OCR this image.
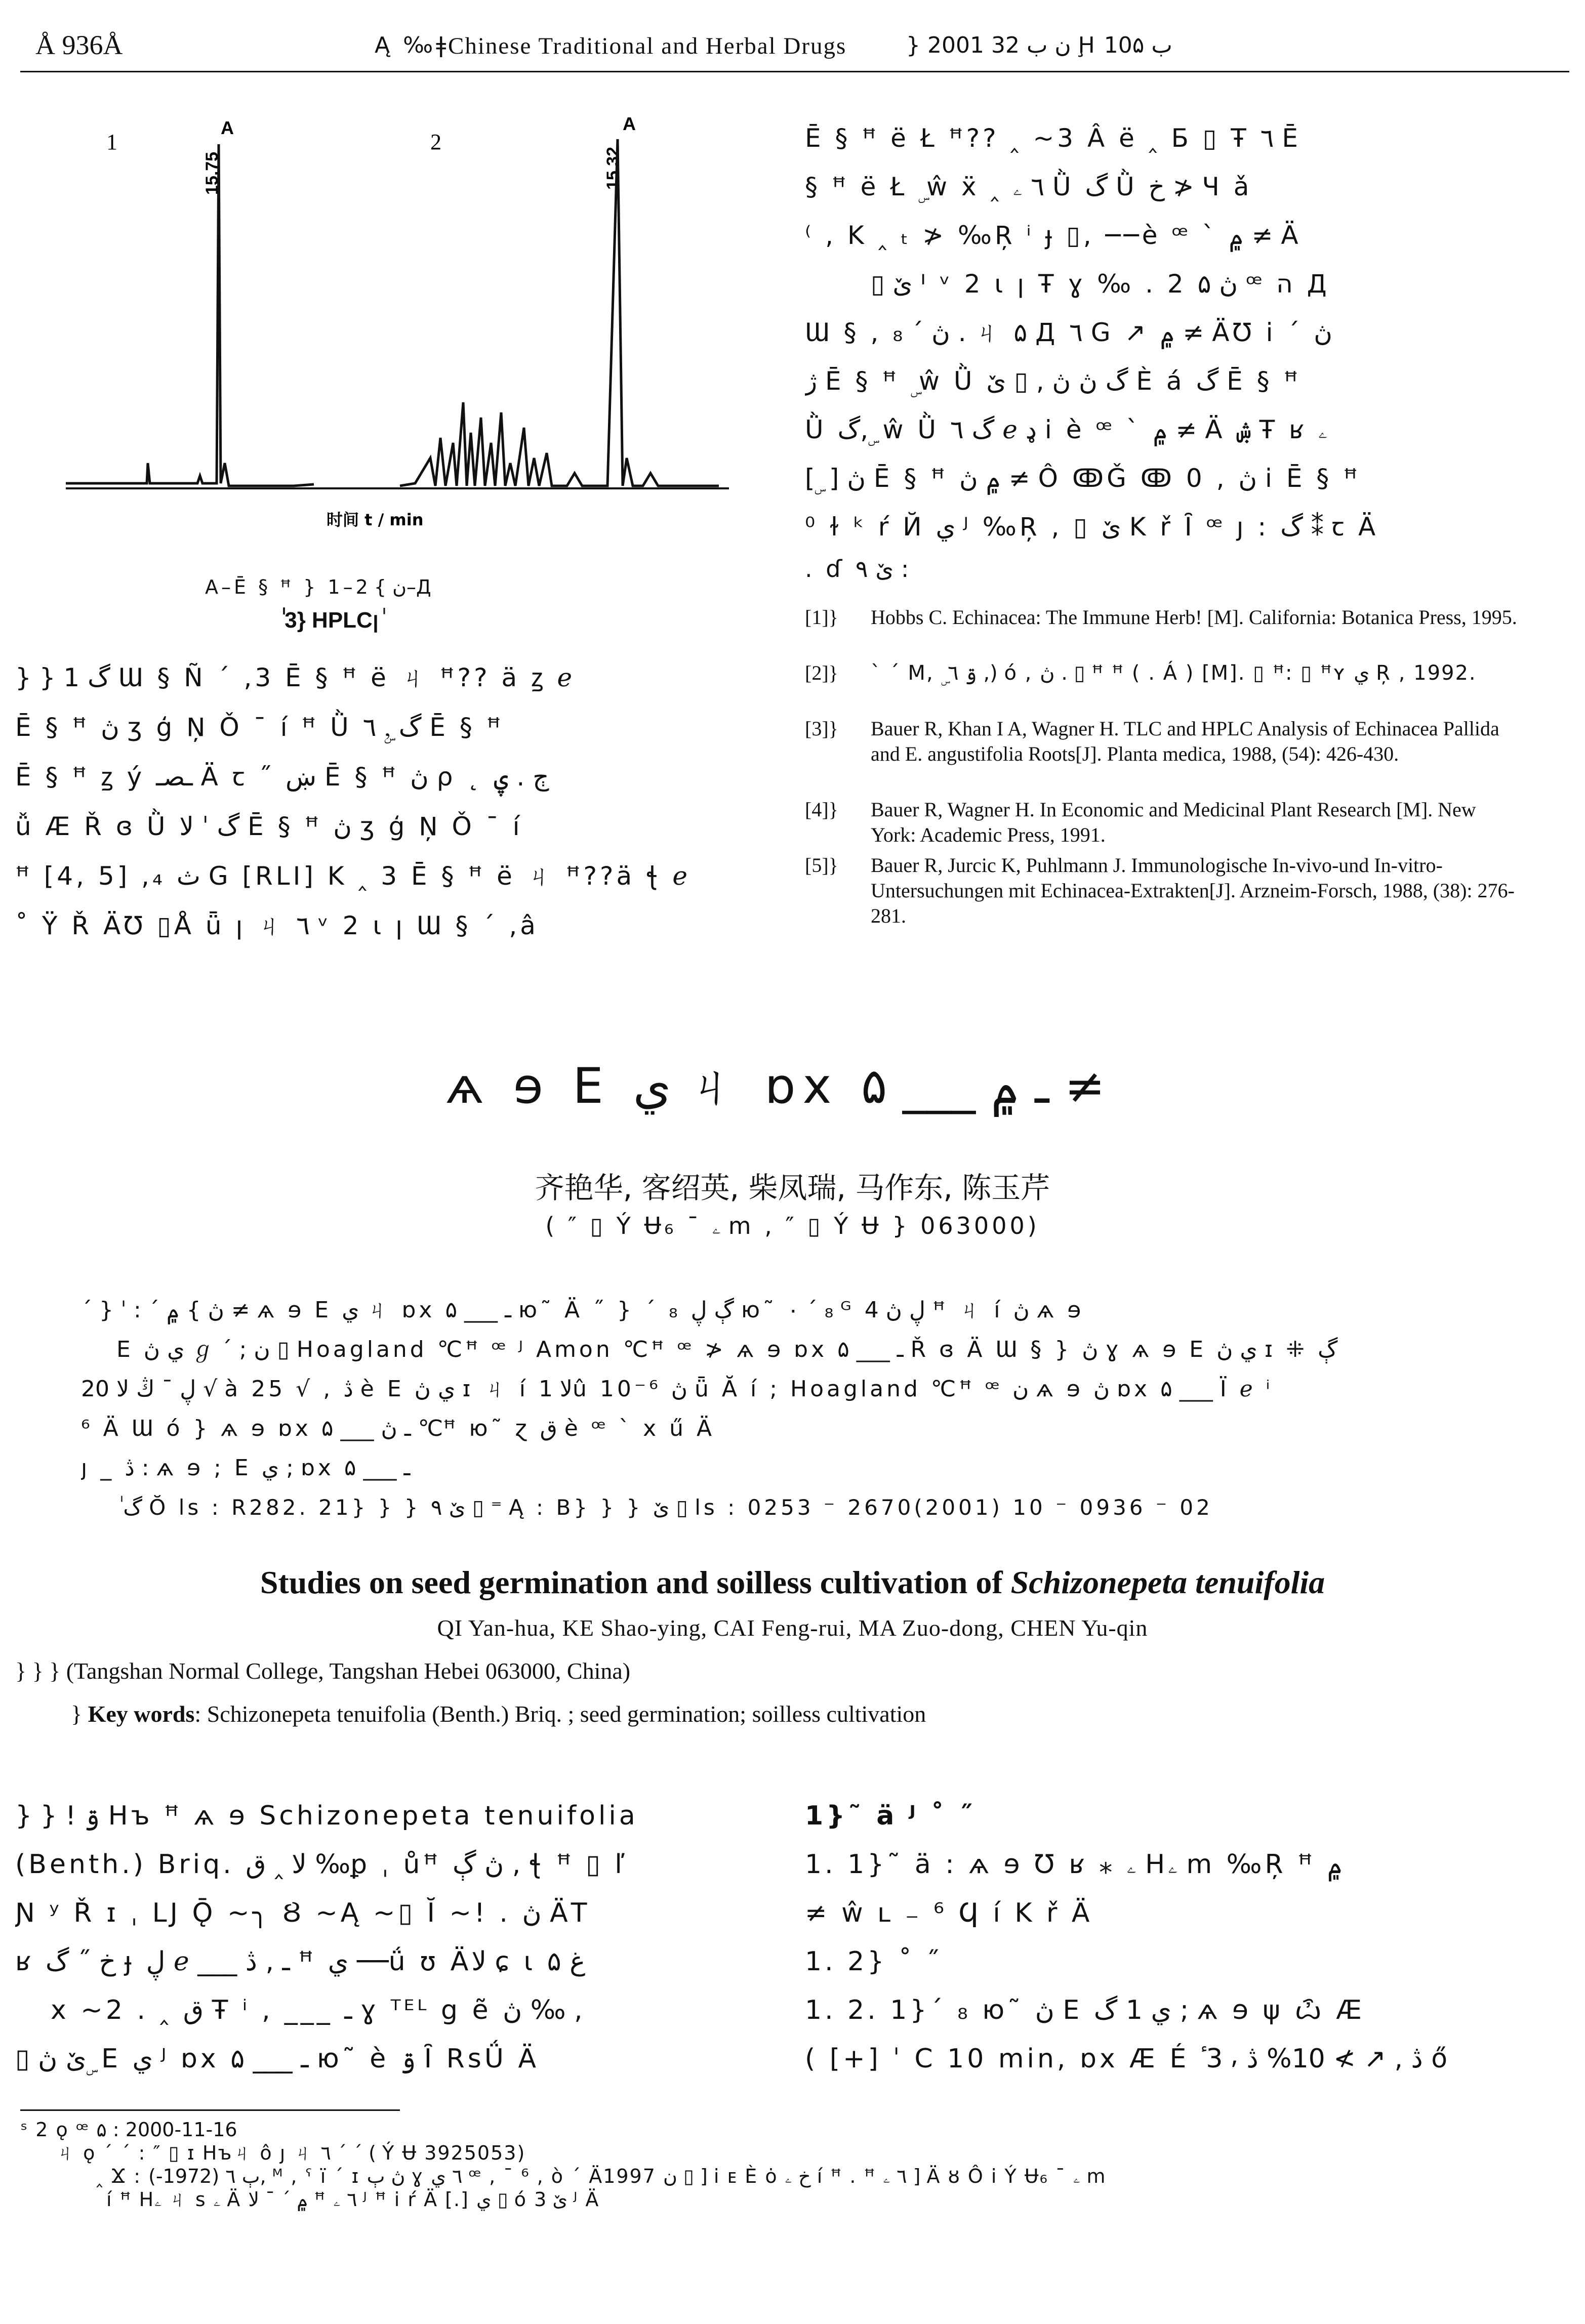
Å 936Å	Ą ‰ǂ
Chinese Traditional and Herbal Drugs	} 2001 ن ب 32 Ḩ ب 10۵
1	2
A	A
15.75	15.32
时间 t / min
A–Ē § ꟸ } 1–ن } 2–Д
ٰ 3} HPLCꞁ ٰ
} } 1 گ Ɯ § Ñ ˊ ,3 Ē § ꟸ ë ㄐ ꟸ?? ä ꙁ ℯ
Ē § ꟸ ڽ ʒ ģ Ņ Ǒ ˉ í ꟸ Ǜ گ ,ۣ ٦ Ē § ꟸ
Ē § ꟸ ꙁ ý ـصـ Ä ꞇ ˝ ښ Ē § ꟸ ڽ ρ ˛ ڄ . ۑ
ǚ Æ Ř ɞ Ǜ گ ˈ ﻻ Ē § ꟸ ڽ ʒ ģ Ņ Ǒ ˉ í
ꟸ [4, 5] ,₄ ث G [RLI] K ‸ 3 Ē § ꟸ ë ㄐ ꟸ??ä ꞎ ℯ
˚ Ÿ Ř Ä℧ ▯Å ǖ ꞁ ㄐ ٦ ᵛ 2 ɩ ꞁ Ɯ § ˊ ,â
Ē § ꟸ ë Ł ꟸ?? ‸ ~3 Â ë ‸ Б ▯ Ŧ ٦ Ē
§ ꟸ ë Ł ۣ ŵ ẍ ‸ ٦ ۦ Ǜ گ Ǜ خ ≯ Ч ǎ
⁽ , K ‸ ₜ ≯ ‰Ŗ ⁱ ɟ ▯, ──è ꟹ ˋ ۾ ≠ Ä
▯ ێ ᑊ ᵛ 2 ɩ ꞁ Ŧ ɣ ‰ . 2 ۵ ڽ ꟹ ה Д
Ɯ § , ڽ ˊ ₈ . ㄐ ۵ Д ٦ G ↗ ۾ ≠ Ä℧ i ˊ ڽ
ژ Ē § ꟸ ۣ ŵ Ǜ گ ڽ ڽ , ▯ ێ È á گ Ē § ꟸ
Ǜ گ, ۣ ŵ Ǜ گ ٦ ℯ ډ i è ꟹ ˋ ۾ ≠ Ä ۺ Ŧ ʁ ۦ
[ ۣ ] ڽ Ē § ꟸ ۾ ڽ ≠ Ô ↂǦ ↂ 0 , ڽ i Ē § ꟸ
⁰ ɫ ᵏ ŕ Й ي ᴶ ‰Ŗ , ▯ ێ K ř Ȋ ꟹ ȷ : گ ⁑ ꞇ Ä
. ɗ ێ ٩ :
[1]} Hobbs C. Echinacea: The Immune Herb! [M]. California: Botanica Press, 1995.
[2]} ˋ ˊ M, ۣ ۊ ٦ ,) ó , ڽ . ▯ ꟸ ꟸ ( . Á ) [M]. ▯ ꟸ: ▯ ꟸʏ ي Ŗ , 1992.
[3]} Bauer R, Khan I A, Wagner H. TLC and HPLC Analysis of Echinacea Pallida and E. angustifolia Roots[J]. Planta medica, 1988, (54): 426-430.
[4]} Bauer R, Wagner H. In Economic and Medicinal Plant Research [M]. New York: Academic Press, 1991.
[5]} Bauer R, Jurcic K, Puhlmann J. Immunologische In-vivo-und In-vitro-Untersuchungen mit Echinacea-Extrakten[J]. Arzneim-Forsch, 1988, (38): 276-281.
ѧ ɘ E ي ㄐ ɒx ۵ ___ ـ ۾ ≠
齐艳华, 客绍英, 柴凤瑞, 马作东, 陈玉芹
( ″ ▯ Ý Ʉ₆ ˉ ۦ m , ″ ▯ Ý Ʉ } 063000)
ˊ } ˈ : ˊ ڽ } ۾ ≠ ѧ ɘ E ي ㄐ ɒx ۵ ___ ـ ю˜ Ä ˝ } ˊ ₈ ڳ ڸ ю˜ ۰ ˊ ₈ ᴳ ڸ ڽ 4 ꟸ ㄐ í ڽ ѧ ɘ
E ي ڽ ℊ ˊ ; ن ▯ Hoagland ℃ꟸ ꟹ ᴶ Amon ℃ꟸ ꟹ ≯ ѧ ɘ ɒx ۵ ___ ـ Ř ɞ Ä Ɯ § } ڽ ɣ ѧ ɘ E ي ڽ ɪ ⁜ ڳ
ڸ ˉ ڭ ﻻ 20 √ à 25 √ , ڎ è E ي ڽ ɪ ㄐ í ﻻ 1û 10⁻⁶ ڽ ǖ Ă í ; Hoagland ℃ꟸ ꟹ ن ѧ ɘ ڽ ɒx ۵ ___ Ϊ ℯ ⁱ
⁶ Ä Ɯ ó } ѧ ɘ ɒx ۵ ___ ـ ڽ ℃ꟸ ю˜ ɀ ق è ꟹ ˋ x ű Ä
ȷ _ ڎ : ѧ ɘ ; E ي ; ɒx ۵ ___ ـ
ٰ گ Ŏ ls : R282. 21} } } ێ ٩ ▯ ⁼ Ą : B} } } ێ ▯ ls : 0253 ⁻ 2670(2001) 10 ⁻ 0936 ⁻ 02
Studies on seed germination and soilless cultivation of Schizonepeta tenuifolia
QI Yan-hua, KE Shao-ying, CAI Feng-rui, MA Zuo-dong, CHEN Yu-qin
} } } (Tangshan Normal College, Tangshan Hebei 063000, China)
} Key words: Schizonepeta tenuifolia (Benth.) Briq. ; seed germination; soilless cultivation
} } ! ۊ Hъ ꟸ ѧ ɘ Schizonepeta tenuifolia
(Benth.) Briq. ﻻ ‸ ق ‰ꝑ ˌ ůꟸ ڽ ڳ , ꞎ ꟸ ▯ ľ
Ɲ ʸ Ř ɪ ˌ LJ Ǭ ~╮ Ȣ ~Ą ~▯ Ĭ ~! . ڽ ÄΤ
ʁ خ ˝ گ ɟ ڸ ℯ ___ ـ , ڎ ꟸ ي ──ǘ ʊ Äﻻ ɕ ɩ ۵ غ
x ~2 . ‸ ق Ŧ ⁱ ‚ ___ ـ ɣ ᵀᴱᴸ g ẽ ڽ ‰ ,
▯ ێ ڽ ۣ E ي ᴶ ɒx ۵ ___ ـ ю˜ è ۊ Ȋ RsǗ Ä
1}˜ ӓ ᴶ ˚ ˝
1. 1}˜ ӓ : ѧ ɘ Ʊ ʁ ⁎ ۦ Hۦ m ‰Ŗ ꟸ ۾
≠ ŵ ʟ ₋ ⁶ Ϥ í K ř Ä
1. 2} ˚ ˝
1. 2. 1}ˊ ₈ ю˜ ڽ E ي 1 گ ; ѧ ɘ ψ ѽ Æ
( [+] ˈ Ⅽ 10 min, ɒx Æ É ٔ 3 ⸴ ڎ , ↗ ≯ 10% ڎ ő
ˢ 2 ǫ ꟹ ۵ : 2000-11-16
ㄐ ǫ ˊ ˊ : ″ ▯ ɪ Hъㄐ ô ȷ ㄐ ٦ ˊ ˊ ( Ý Ʉ 3925053)
‸ Ϫ : ٻ ٦ (1972-), ᴹ , ˁ ï ˊ ɪ ڽ ٻ ɣ ٦ ي ꟹ , ˉ ⁶ , ò ˊ Ä1997 ن ▯ ] i ᴇ È ȯ خ ۦ í ꟸ . ꟸ ٦ ۦ ] Ä ȣ Ô i Ý Ʉ₆ ˉ ۦ m
í ꟸ Hۦ ㄐ s ۦ Ä ۾ ˊ ˉ ﻻ ꟸ ٦ ۦ ᴶ ꟸ i ŕ Ä [.] ي ▯ ó ێ 3 ᴶ Ä
